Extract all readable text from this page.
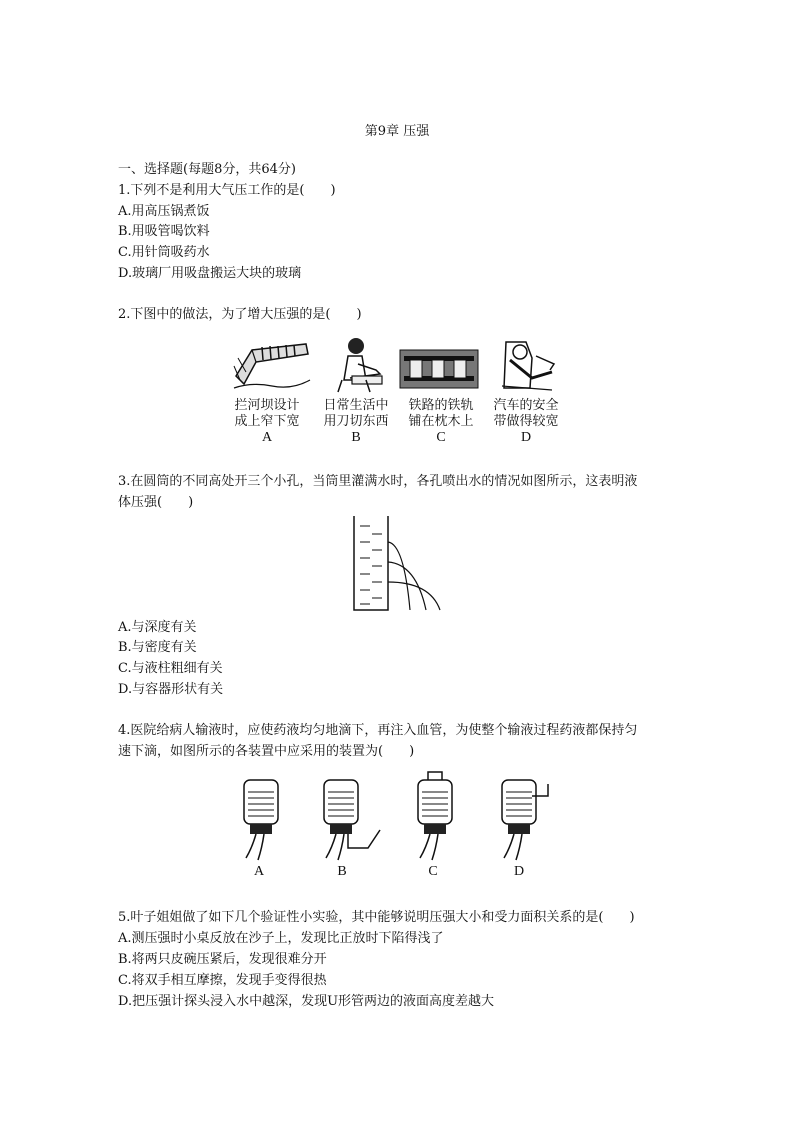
第9章 压强
一、选择题(每题8分，共64分)
1.下列不是利用大气压工作的是(　　)
A.用高压锅煮饭
B.用吸管喝饮料
C.用针筒吸药水
D.玻璃厂用吸盘搬运大块的玻璃
2.下图中的做法，为了增大压强的是(　　)
拦河坝设计
成上窄下宽
A
日常生活中
用刀切东西
B
铁路的铁轨
铺在枕木上
C
汽车的安全
带做得较宽
D
3.在圆筒的不同高处开三个小孔，当筒里灌满水时，各孔喷出水的情况如图所示，这表明液
体压强(　　)
A.与深度有关
B.与密度有关
C.与液柱粗细有关
D.与容器形状有关
4.医院给病人输液时，应使药液均匀地滴下，再注入血管，为使整个输液过程药液都保持匀
速下滴，如图所示的各装置中应采用的装置为(　　)
A	B	C	D
5.叶子姐姐做了如下几个验证性小实验，其中能够说明压强大小和受力面积关系的是(　　)
A.测压强时小桌反放在沙子上，发现比正放时下陷得浅了
B.将两只皮碗压紧后，发现很难分开
C.将双手相互摩擦，发现手变得很热
D.把压强计探头浸入水中越深，发现U形管两边的液面高度差越大
